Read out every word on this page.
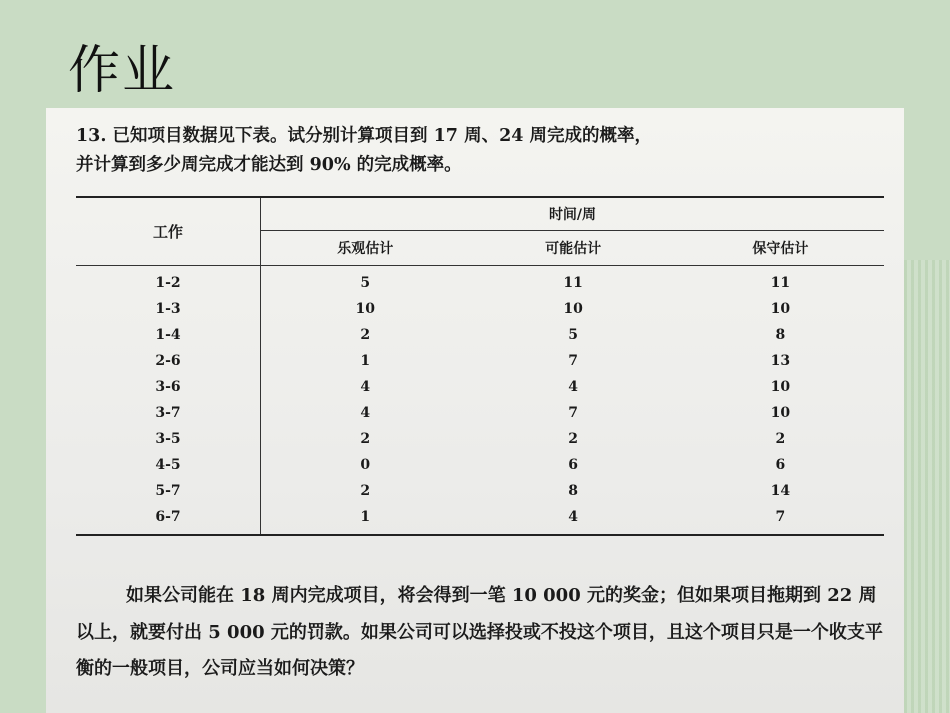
作业
13. 已知项目数据见下表。试分别计算项目到 17 周、24 周完成的概率，
并计算到多少周完成才能达到 90% 的完成概率。
工作	时间/周		
	乐观估计	可能估计	保守估计
1-2	5	11	11
1-3	10	10	10
1-4	2	5	8
2-6	1	7	13
3-6	4	4	10
3-7	4	7	10
3-5	2	2	2
4-5	0	6	6
5-7	2	8	14
6-7	1	4	7
如果公司能在 18 周内完成项目，将会得到一笔 10 000 元的奖金；但如果项目拖期到 22 周以上，就要付出 5 000 元的罚款。如果公司可以选择投或不投这个项目，且这个项目只是一个收支平衡的一般项目，公司应当如何决策？
